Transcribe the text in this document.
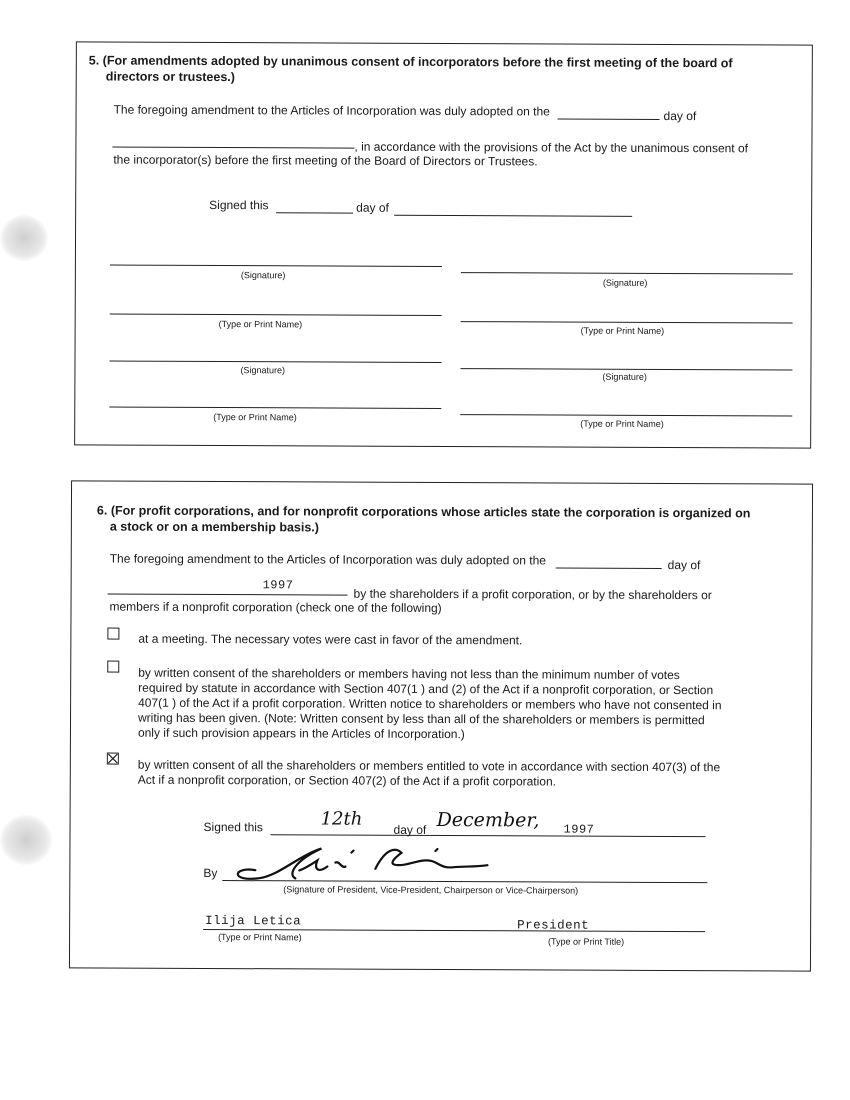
5. (For amendments adopted by unanimous consent of incorporators before the first meeting of the board of
directors or trustees.)
The foregoing amendment to the Articles of Incorporation was duly adopted on the	day of
, in accordance with the provisions of the Act by the unanimous consent of
the incorporator(s) before the first meeting of the Board of Directors or Trustees.
Signed this	day of
(Signature)
(Signature)
(Type or Print Name)
(Type or Print Name)
(Signature)
(Signature)
(Type or Print Name)
(Type or Print Name)
6. (For profit corporations, and for nonprofit corporations whose articles state the corporation is organized on
a stock or on a membership basis.)
The foregoing amendment to the Articles of Incorporation was duly adopted on the	day of
1997
by the shareholders if a profit corporation, or by the shareholders or
members if a nonprofit corporation (check one of the following)
at a meeting. The necessary votes were cast in favor of the amendment.
by written consent of the shareholders or members having not less than the minimum number of votes
required by statute in accordance with Section 407(1 ) and (2) of the Act if a nonprofit corporation, or Section
407(1 ) of the Act if a profit corporation. Written notice to shareholders or members who have not consented in
writing has been given. (Note: Written consent by less than all of the shareholders or members is permitted
only if such provision appears in the Articles of Incorporation.)
by written consent of all the shareholders or members entitled to vote in accordance with section 407(3) of the
Act if a nonprofit corporation, or Section 407(2) of the Act if a profit corporation.
Signed this	12th
day of December, 1997
By
(Signature of President, Vice-President, Chairperson or Vice-Chairperson)
Ilija Letica	President
(Type or Print Name)	(Type or Print Title)
